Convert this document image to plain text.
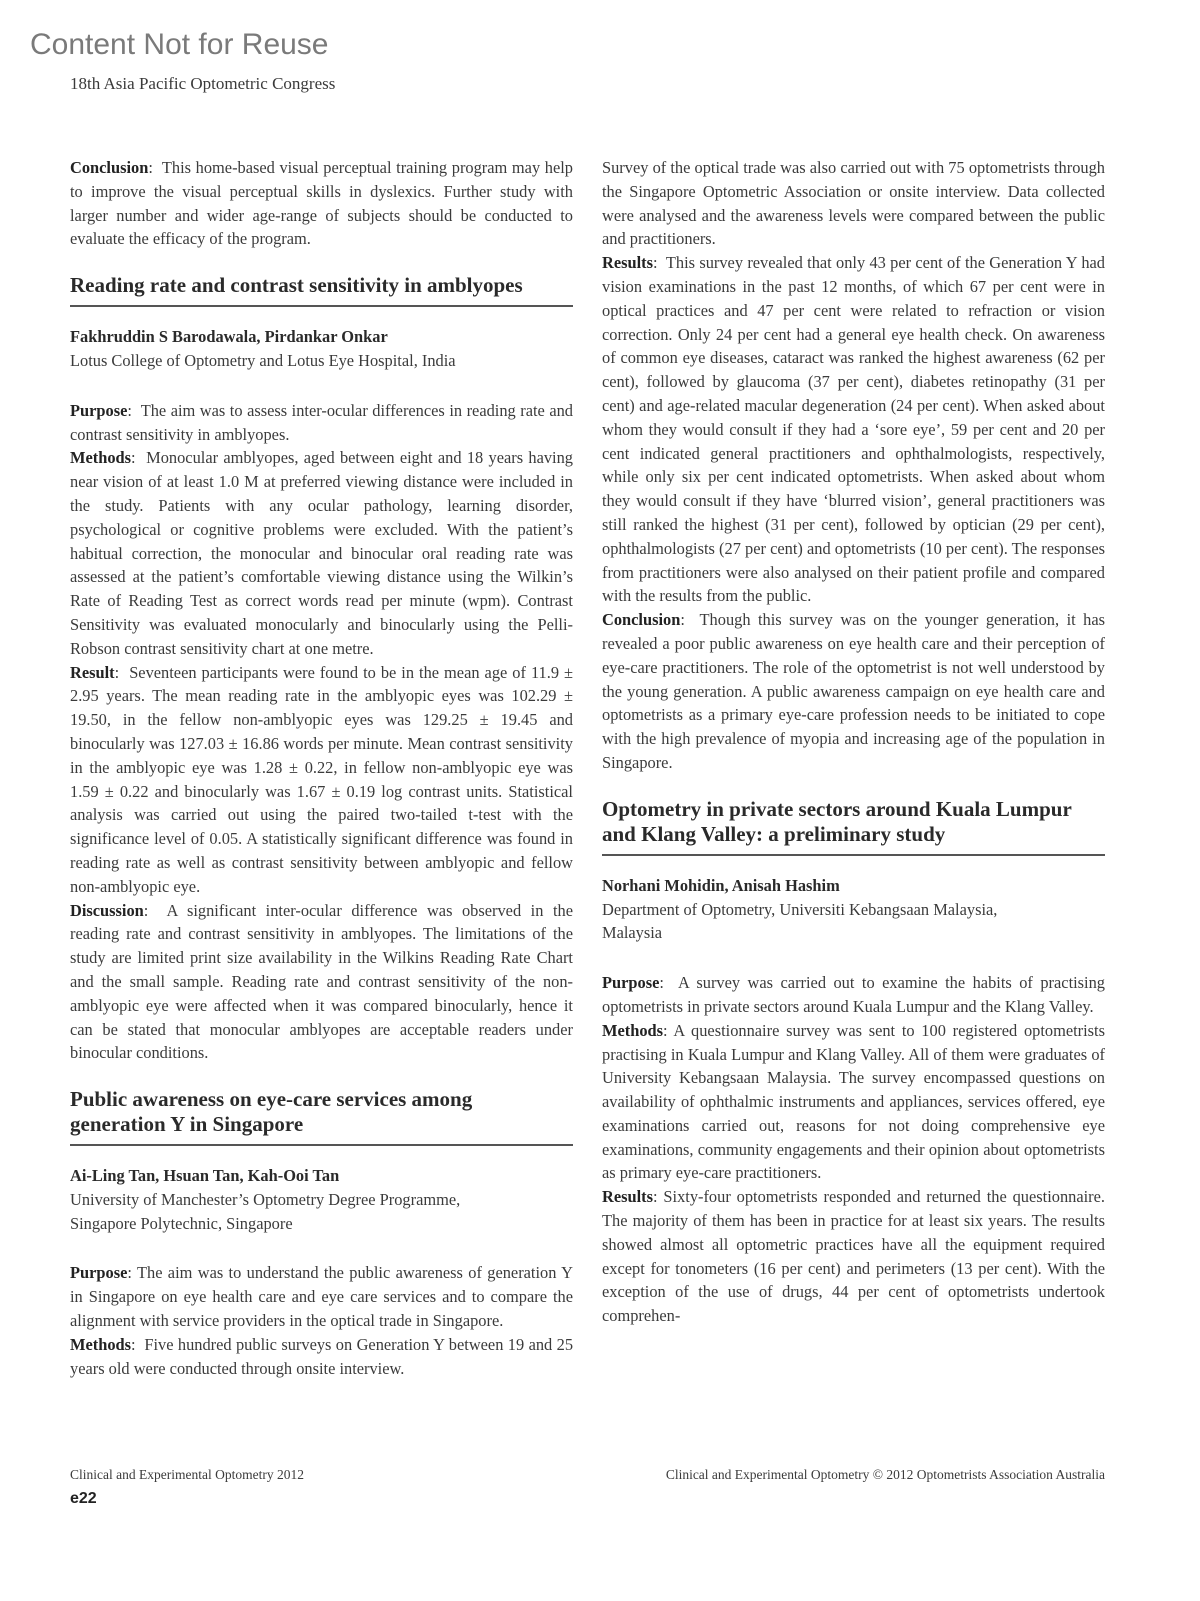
Content Not for Reuse
18th Asia Pacific Optometric Congress

Conclusion:  This home-based visual perceptual training program may help to improve the visual perceptual skills in dyslexics. Further study with larger number and wider age-range of subjects should be conducted to evaluate the efficacy of the program.

Reading rate and contrast sensitivity in amblyopes

Fakhruddin S Barodawala, Pirdankar Onkar

Lotus College of Optometry and Lotus Eye Hospital, India

Purpose:  The aim was to assess inter-ocular differences in reading rate and contrast sensitivity in amblyopes.

Methods:  Monocular amblyopes, aged between eight and 18 years having near vision of at least 1.0 M at preferred viewing distance were included in the study. Patients with any ocular pathology, learning disorder, psychological or cognitive problems were excluded. With the patient’s habitual correction, the monocular and binocular oral reading rate was assessed at the patient’s comfortable viewing distance using the Wilkin’s Rate of Reading Test as correct words read per minute (wpm). Contrast Sensitivity was evaluated monocularly and binocularly using the Pelli-Robson contrast sensitivity chart at one metre.

Result:  Seventeen participants were found to be in the mean age of 11.9 ± 2.95 years. The mean reading rate in the amblyopic eyes was 102.29 ± 19.50, in the fellow non-amblyopic eyes was 129.25 ± 19.45 and binocularly was 127.03 ± 16.86 words per minute. Mean contrast sensitivity in the amblyopic eye was 1.28 ± 0.22, in fellow non-amblyopic eye was 1.59 ± 0.22 and binocularly was 1.67 ± 0.19 log contrast units. Statistical analysis was carried out using the paired two-tailed t-test with the significance level of 0.05. A statistically significant difference was found in reading rate as well as contrast sensitivity between amblyopic and fellow non-amblyopic eye.

Discussion:  A significant inter-ocular difference was observed in the reading rate and contrast sensitivity in amblyopes. The limitations of the study are limited print size availability in the Wilkins Reading Rate Chart and the small sample. Reading rate and contrast sensitivity of the non-amblyopic eye were affected when it was compared binocularly, hence it can be stated that monocular amblyopes are acceptable readers under binocular conditions.

Public awareness on eye-care services among generation Y in Singapore

Ai-Ling Tan, Hsuan Tan, Kah-Ooi Tan

University of Manchester’s Optometry Degree Programme,
Singapore Polytechnic, Singapore

Purpose: The aim was to understand the public awareness of generation Y in Singapore on eye health care and eye care services and to compare the alignment with service providers in the optical trade in Singapore.

Methods:  Five hundred public surveys on Generation Y between 19 and 25 years old were conducted through onsite interview.

Survey of the optical trade was also carried out with 75 optometrists through the Singapore Optometric Association or onsite interview. Data collected were analysed and the awareness levels were compared between the public and practitioners.

Results:  This survey revealed that only 43 per cent of the Generation Y had vision examinations in the past 12 months, of which 67 per cent were in optical practices and 47 per cent were related to refraction or vision correction. Only 24 per cent had a general eye health check. On awareness of common eye diseases, cataract was ranked the highest awareness (62 per cent), followed by glaucoma (37 per cent), diabetes retinopathy (31 per cent) and age-related macular degeneration (24 per cent). When asked about whom they would consult if they had a ‘sore eye’, 59 per cent and 20 per cent indicated general practitioners and ophthalmologists, respectively, while only six per cent indicated optometrists. When asked about whom they would consult if they have ‘blurred vision’, general practitioners was still ranked the highest (31 per cent), followed by optician (29 per cent), ophthalmologists (27 per cent) and optometrists (10 per cent). The responses from practitioners were also analysed on their patient profile and compared with the results from the public.

Conclusion:  Though this survey was on the younger generation, it has revealed a poor public awareness on eye health care and their perception of eye-care practitioners. The role of the optometrist is not well understood by the young generation. A public awareness campaign on eye health care and optometrists as a primary eye-care profession needs to be initiated to cope with the high prevalence of myopia and increasing age of the population in Singapore.

Optometry in private sectors around Kuala Lumpur and Klang Valley: a preliminary study

Norhani Mohidin, Anisah Hashim

Department of Optometry, Universiti Kebangsaan Malaysia,
Malaysia

Purpose:  A survey was carried out to examine the habits of practising optometrists in private sectors around Kuala Lumpur and the Klang Valley.

Methods: A questionnaire survey was sent to 100 registered optometrists practising in Kuala Lumpur and Klang Valley. All of them were graduates of University Kebangsaan Malaysia. The survey encompassed questions on availability of ophthalmic instruments and appliances, services offered, eye examinations carried out, reasons for not doing comprehensive eye examinations, community engagements and their opinion about optometrists as primary eye-care practitioners.

Results: Sixty-four optometrists responded and returned the questionnaire. The majority of them has been in practice for at least six years. The results showed almost all optometric practices have all the equipment required except for tonometers (16 per cent) and perimeters (13 per cent). With the exception of the use of drugs, 44 per cent of optometrists undertook comprehen-

Clinical and Experimental Optometry 2012	Clinical and Experimental Optometry © 2012 Optometrists Association Australia
e22
